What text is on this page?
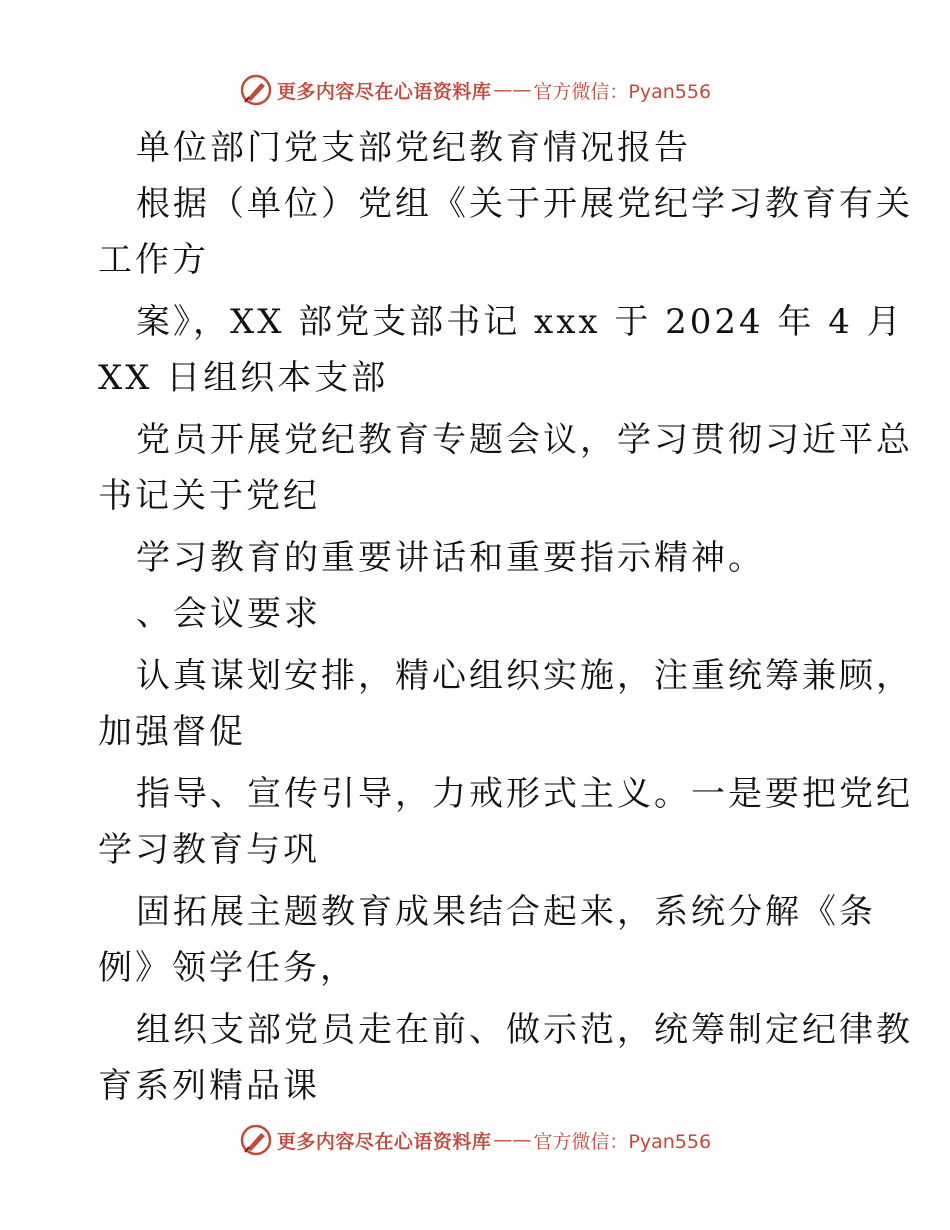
更多内容尽在心语资料库 —— 官方微信：Pyan556
单位部门党支部党纪教育情况报告
根据（单位）党组《关于开展党纪学习教育有关
工作方
案》，XX 部党支部书记 xxx 于 2024 年 4 月
XX 日组织本支部
党员开展党纪教育专题会议，学习贯彻习近平总
书记关于党纪
学习教育的重要讲话和重要指示精神。
、会议要求
认真谋划安排，精心组织实施，注重统筹兼顾，
加强督促
指导、宣传引导，力戒形式主义。一是要把党纪
学习教育与巩
固拓展主题教育成果结合起来，系统分解《条
例》领学任务，
组织支部党员走在前、做示范，统筹制定纪律教
育系列精品课
更多内容尽在心语资料库 —— 官方微信：Pyan556
